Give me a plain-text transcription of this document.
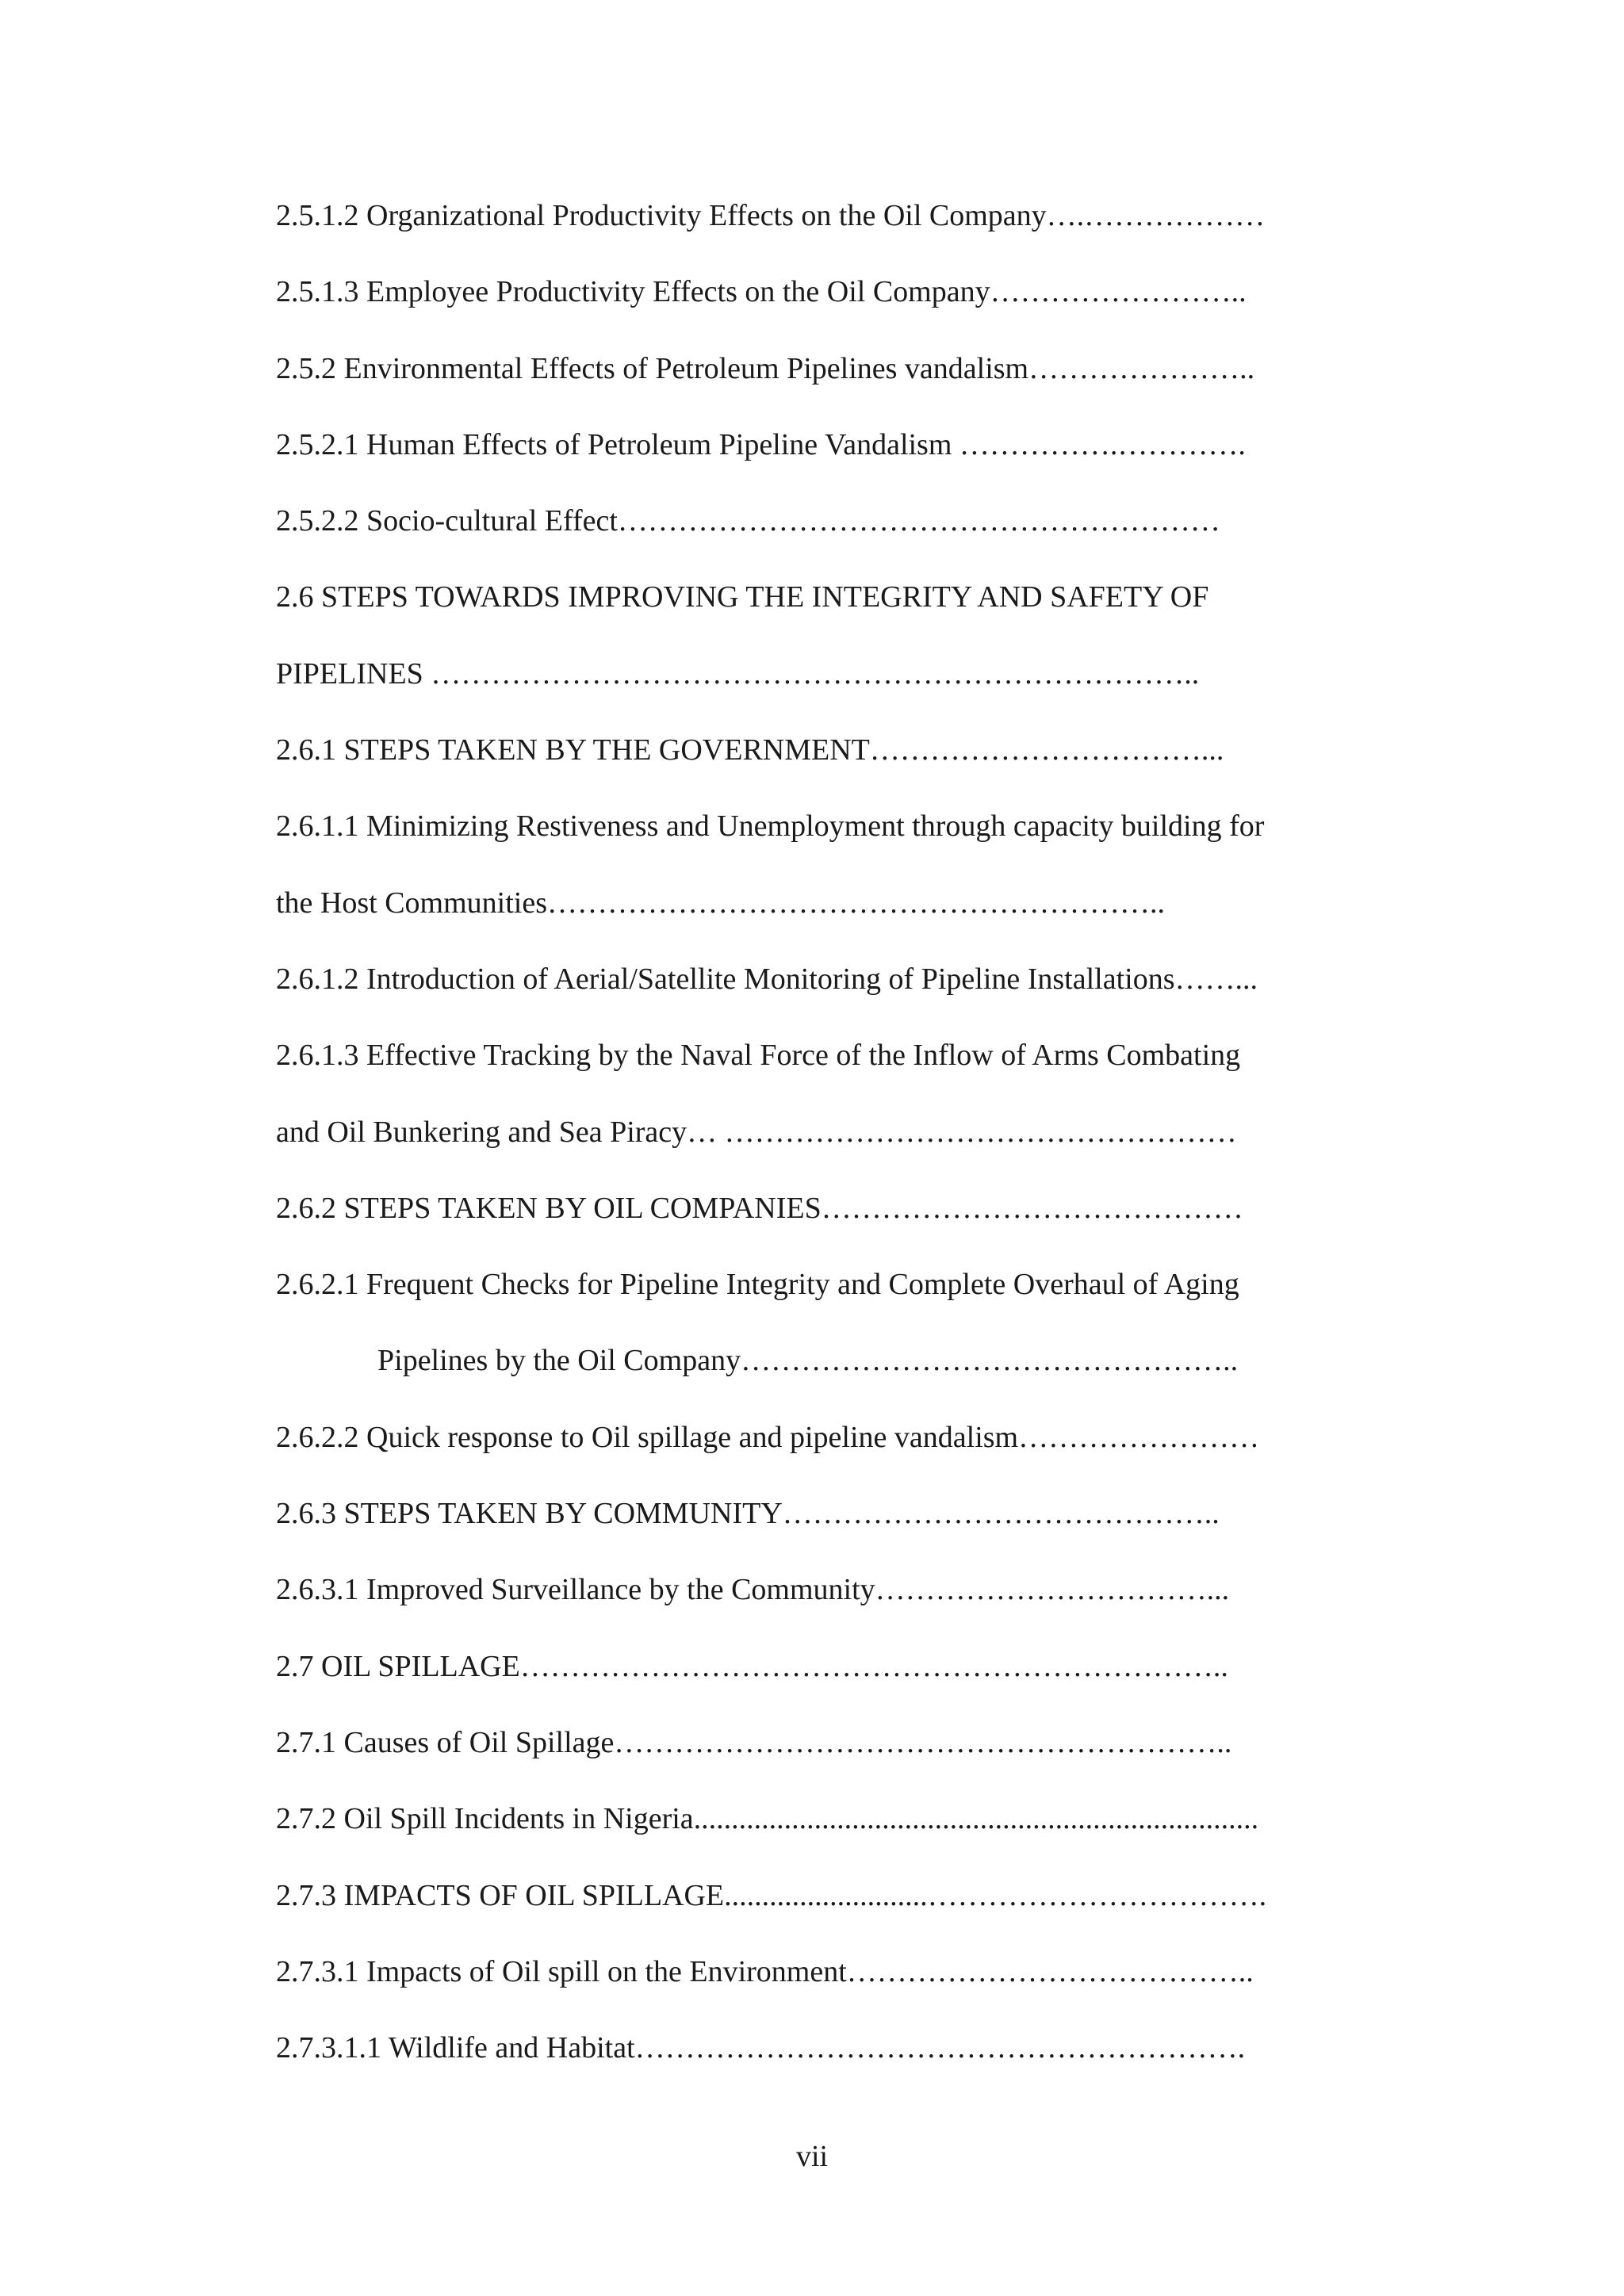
2.5.1.2 Organizational Productivity Effects on the Oil Company….………………
2.5.1.3 Employee Productivity Effects on the Oil Company……………………..
2.5.2 Environmental Effects of Petroleum Pipelines vandalism…………………..
2.5.2.1 Human Effects of Petroleum Pipeline Vandalism …………….………….
2.5.2.2 Socio-cultural Effect……………………………………………………
2.6 STEPS TOWARDS IMPROVING THE INTEGRITY AND SAFETY OF
PIPELINES …………………………………………………………………..
2.6.1 STEPS TAKEN BY THE GOVERNMENT……………………………...
2.6.1.1 Minimizing Restiveness and Unemployment through capacity building for
the Host Communities……………………………………………………..
2.6.1.2 Introduction of Aerial/Satellite Monitoring of Pipeline Installations……...
2.6.1.3 Effective Tracking by the Naval Force of the Inflow of Arms Combating
and Oil Bunkering and Sea Piracy… ……………………………………………
2.6.2 STEPS TAKEN BY OIL COMPANIES……………………………………
2.6.2.1 Frequent Checks for Pipeline Integrity and Complete Overhaul of Aging
Pipelines by the Oil Company…………………………………………..
2.6.2.2 Quick response to Oil spillage and pipeline vandalism……………………
2.6.3 STEPS TAKEN BY COMMUNITY……………………………………..
2.6.3.1 Improved Surveillance by the Community……………………………...
2.7 OIL SPILLAGE……………………………………………………………..
2.7.1 Causes of Oil Spillage……………………………………………………..
2.7.2 Oil Spill Incidents in Nigeria...........................................................................
2.7.3 IMPACTS OF OIL SPILLAGE...........................…………………………….
2.7.3.1 Impacts of Oil spill on the Environment…………………………………..
2.7.3.1.1 Wildlife and Habitat…………………………………………………….
vii
